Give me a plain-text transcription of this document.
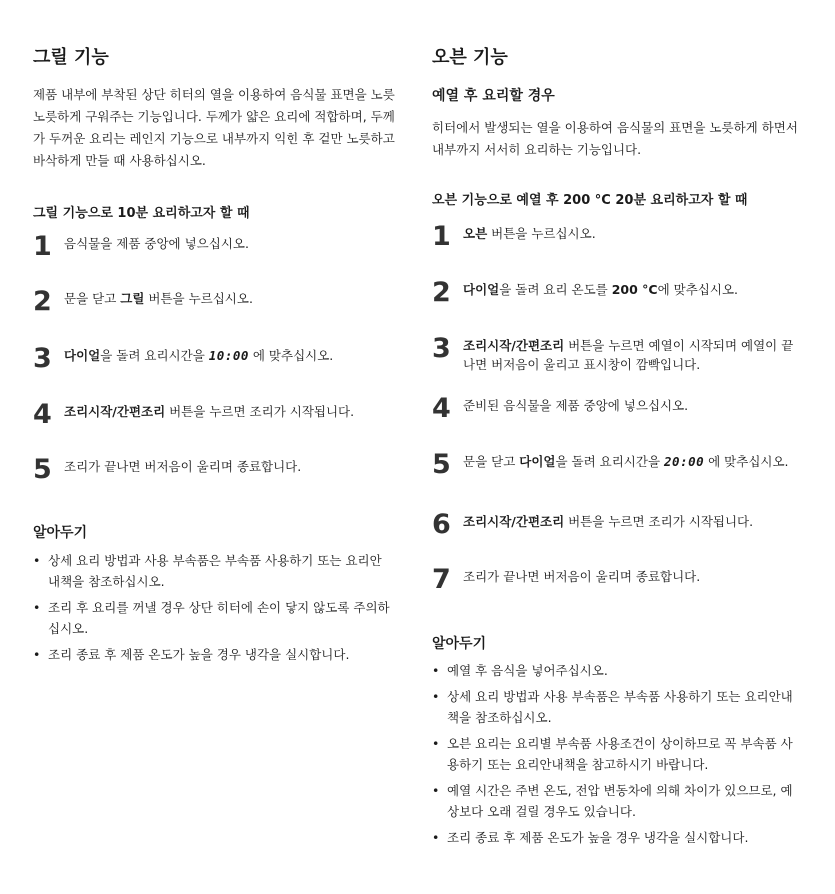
그릴 기능

제품 내부에 부착된 상단 히터의 열을 이용하여 음식물 표면을 노릇노릇하게 구워주는 기능입니다. 두께가 얇은 요리에 적합하며, 두께가 두꺼운 요리는 레인지 기능으로 내부까지 익힌 후 겉만 노릇하고 바삭하게 만들 때 사용하십시오.

그릴 기능으로 10분 요리하고자 할 때
1 음식물을 제품 중앙에 넣으십시오.
2 문을 닫고 그릴 버튼을 누르십시오.
3 다이얼을 돌려 요리시간을 10:00 에 맞추십시오.
4 조리시작/간편조리 버튼을 누르면 조리가 시작됩니다.
5 조리가 끝나면 버저음이 울리며 종료합니다.
알아두기
• 상세 요리 방법과 사용 부속품은 부속품 사용하기 또는 요리안내책을 참조하십시오.
• 조리 후 요리를 꺼낼 경우 상단 히터에 손이 닿지 않도록 주의하십시오.
• 조리 종료 후 제품 온도가 높을 경우 냉각을 실시합니다.
오븐 기능
예열 후 요리할 경우

히터에서 발생되는 열을 이용하여 음식물의 표면을 노릇하게 하면서 내부까지 서서히 요리하는 기능입니다.

오븐 기능으로 예열 후 200 °C 20분 요리하고자 할 때
1 오븐 버튼을 누르십시오.
2 다이얼을 돌려 요리 온도를 200 °C에 맞추십시오.
3 조리시작/간편조리 버튼을 누르면 예열이 시작되며 예열이 끝나면 버저음이 울리고 표시창이 깜빡입니다.
4 준비된 음식물을 제품 중앙에 넣으십시오.
5 문을 닫고 다이얼을 돌려 요리시간을 20:00 에 맞추십시오.
6 조리시작/간편조리 버튼을 누르면 조리가 시작됩니다.
7 조리가 끝나면 버저음이 울리며 종료합니다.
알아두기
• 예열 후 음식을 넣어주십시오.
• 상세 요리 방법과 사용 부속품은 부속품 사용하기 또는 요리안내책을 참조하십시오.
• 오븐 요리는 요리별 부속품 사용조건이 상이하므로 꼭 부속품 사용하기 또는 요리안내책을 참고하시기 바랍니다.
• 예열 시간은 주변 온도, 전압 변동차에 의해 차이가 있으므로, 예상보다 오래 걸릴 경우도 있습니다.
• 조리 종료 후 제품 온도가 높을 경우 냉각을 실시합니다.
